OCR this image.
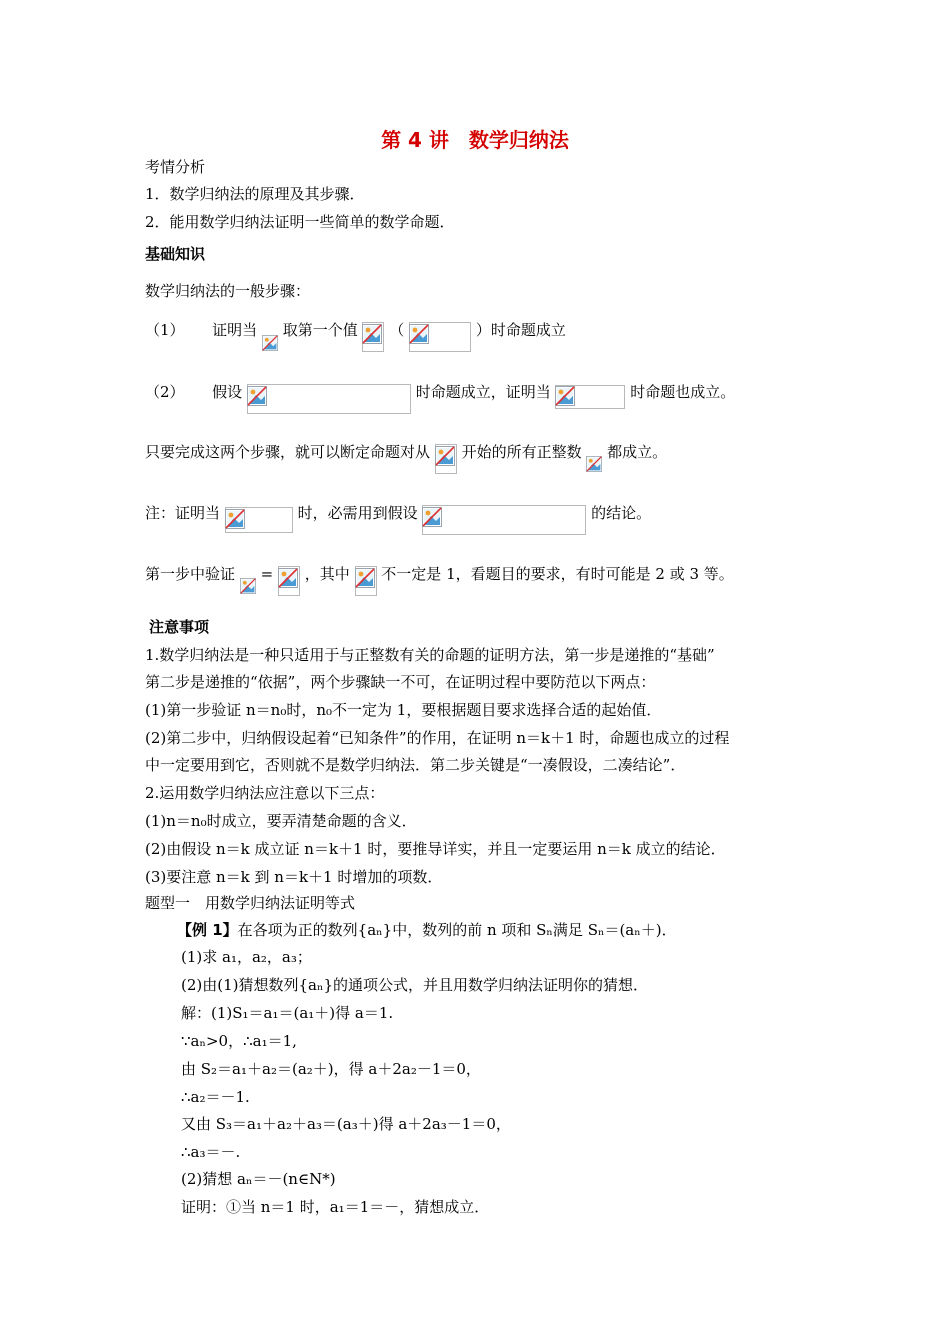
第 4 讲　数学归纳法
考情分析
1．数学归纳法的原理及其步骤．
2．能用数学归纳法证明一些简单的数学命题．
基础知识
数学归纳法的一般步骤：
（1） 证明当 取第一个值 （	）时命题成立
（2） 假设	时命题成立，证明当	时命题也成立。
只要完成这两个步骤，就可以断定命题对从 开始的所有正整数 都成立。
注：证明当	时，必需用到假设	的结论。
第一步中验证 = ，其中 不一定是 1，看题目的要求，有时可能是 2 或 3 等。
注意事项
1.数学归纳法是一种只适用于与正整数有关的命题的证明方法，第一步是递推的“基础”
第二步是递推的“依据”，两个步骤缺一不可，在证明过程中要防范以下两点：
(1)第一步验证 n＝n₀时，n₀不一定为 1，要根据题目要求选择合适的起始值．
(2)第二步中，归纳假设起着“已知条件”的作用，在证明 n＝k＋1 时，命题也成立的过程
中一定要用到它，否则就不是数学归纳法．第二步关键是“一凑假设，二凑结论”．
2.运用数学归纳法应注意以下三点：
(1)n＝n₀时成立，要弄清楚命题的含义．
(2)由假设 n＝k 成立证 n＝k＋1 时，要推导详实，并且一定要运用 n＝k 成立的结论．
(3)要注意 n＝k 到 n＝k＋1 时增加的项数．
题型一　用数学归纳法证明等式
【例 1】在各项为正的数列{aₙ}中，数列的前 n 项和 Sₙ满足 Sₙ＝(aₙ＋)．
(1)求 a₁，a₂，a₃；
(2)由(1)猜想数列{aₙ}的通项公式，并且用数学归纳法证明你的猜想．
解：(1)S₁＝a₁＝(a₁＋)得 a＝1.
∵aₙ>0，∴a₁＝1,
由 S₂＝a₁＋a₂＝(a₂＋)，得 a＋2a₂－1＝0，
∴a₂＝－1.
又由 S₃＝a₁＋a₂＋a₃＝(a₃＋)得 a＋2a₃－1＝0，
∴a₃＝－.
(2)猜想 aₙ＝－(n∈N*)
证明：①当 n＝1 时，a₁＝1＝－，猜想成立．
